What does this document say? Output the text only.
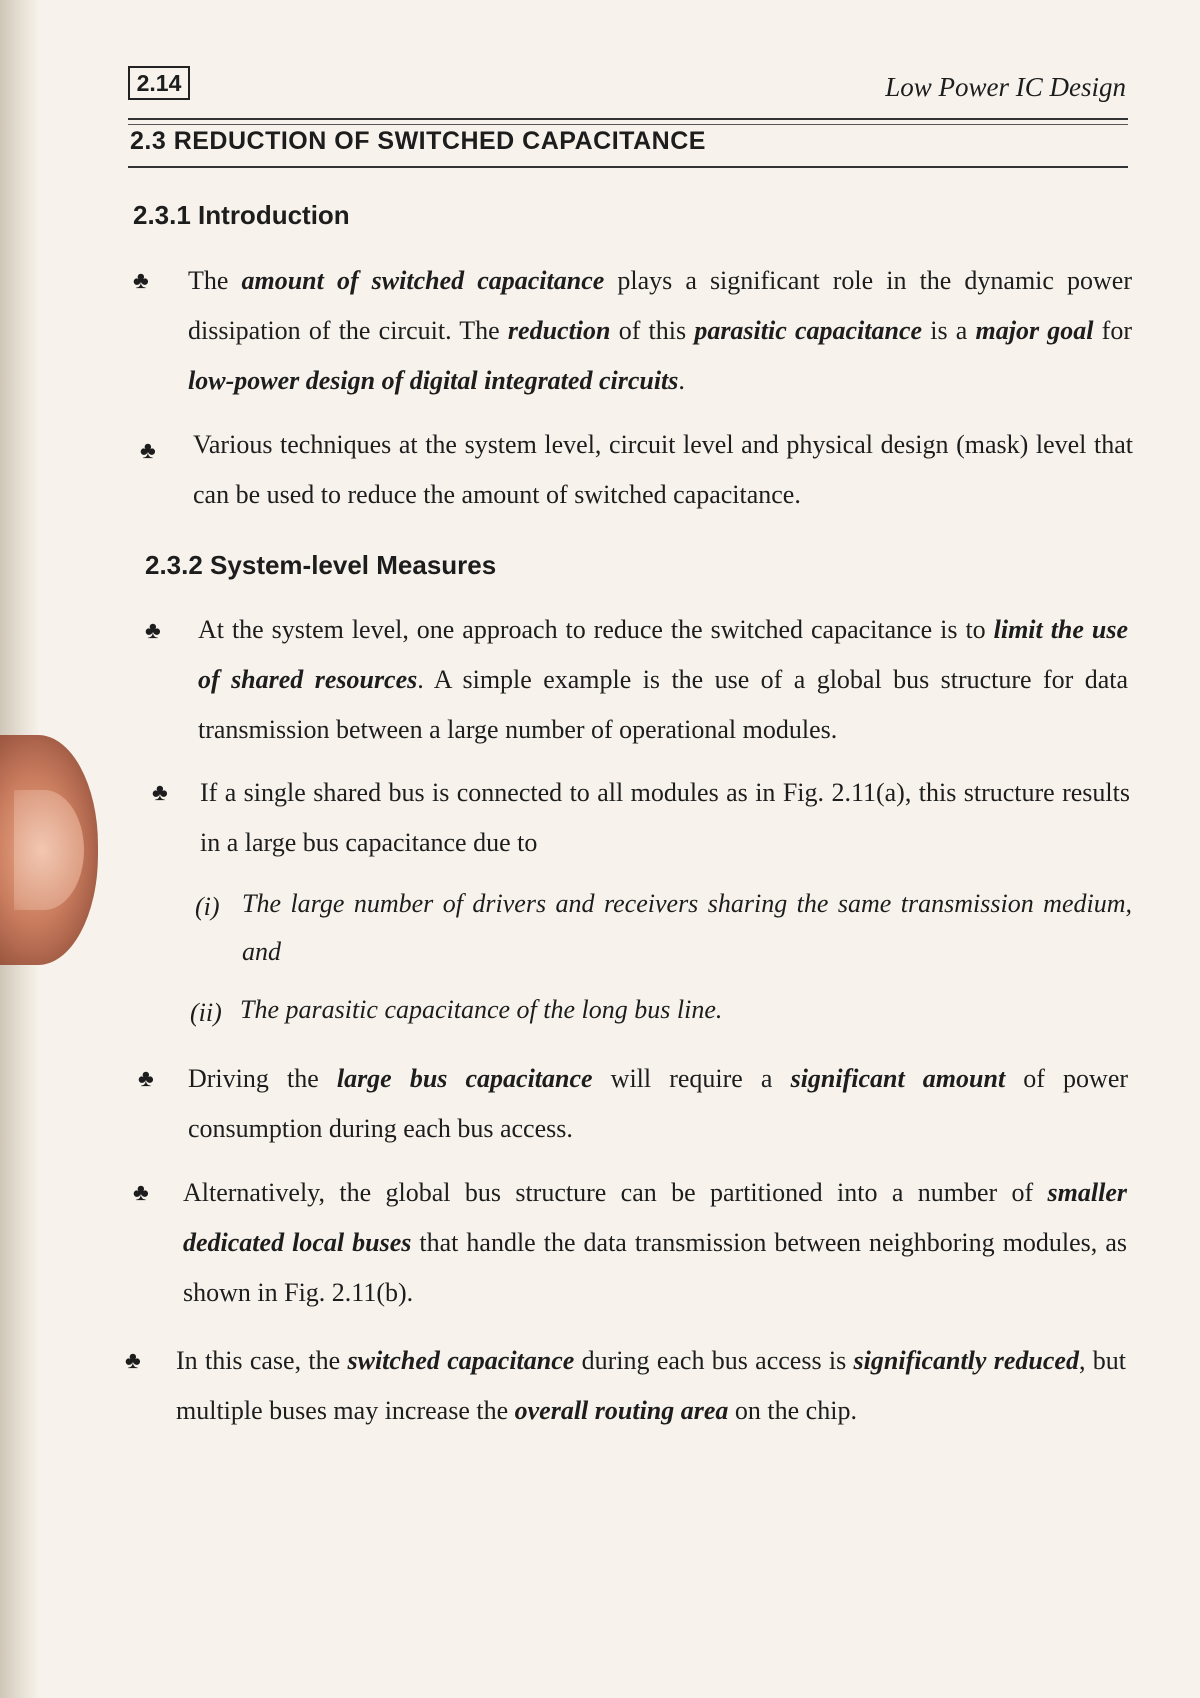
2.14	Low Power IC Design
2.3 REDUCTION OF SWITCHED CAPACITANCE
2.3.1 Introduction
♣ The amount of switched capacitance plays a significant role in the dynamic power dissipation of the circuit. The reduction of this parasitic capacitance is a major goal for low-power design of digital integrated circuits.
♣ Various techniques at the system level, circuit level and physical design (mask) level that can be used to reduce the amount of switched capacitance.
2.3.2 System-level Measures
♣ At the system level, one approach to reduce the switched capacitance is to limit the use of shared resources. A simple example is the use of a global bus structure for data transmission between a large number of operational modules.
♣ If a single shared bus is connected to all modules as in Fig. 2.11(a), this structure results in a large bus capacitance due to
(i) The large number of drivers and receivers sharing the same transmission medium, and
(ii) The parasitic capacitance of the long bus line.
♣ Driving the large bus capacitance will require a significant amount of power consumption during each bus access.
♣ Alternatively, the global bus structure can be partitioned into a number of smaller dedicated local buses that handle the data transmission between neighboring modules, as shown in Fig. 2.11(b).
♣ In this case, the switched capacitance during each bus access is significantly reduced, but multiple buses may increase the overall routing area on the chip.
